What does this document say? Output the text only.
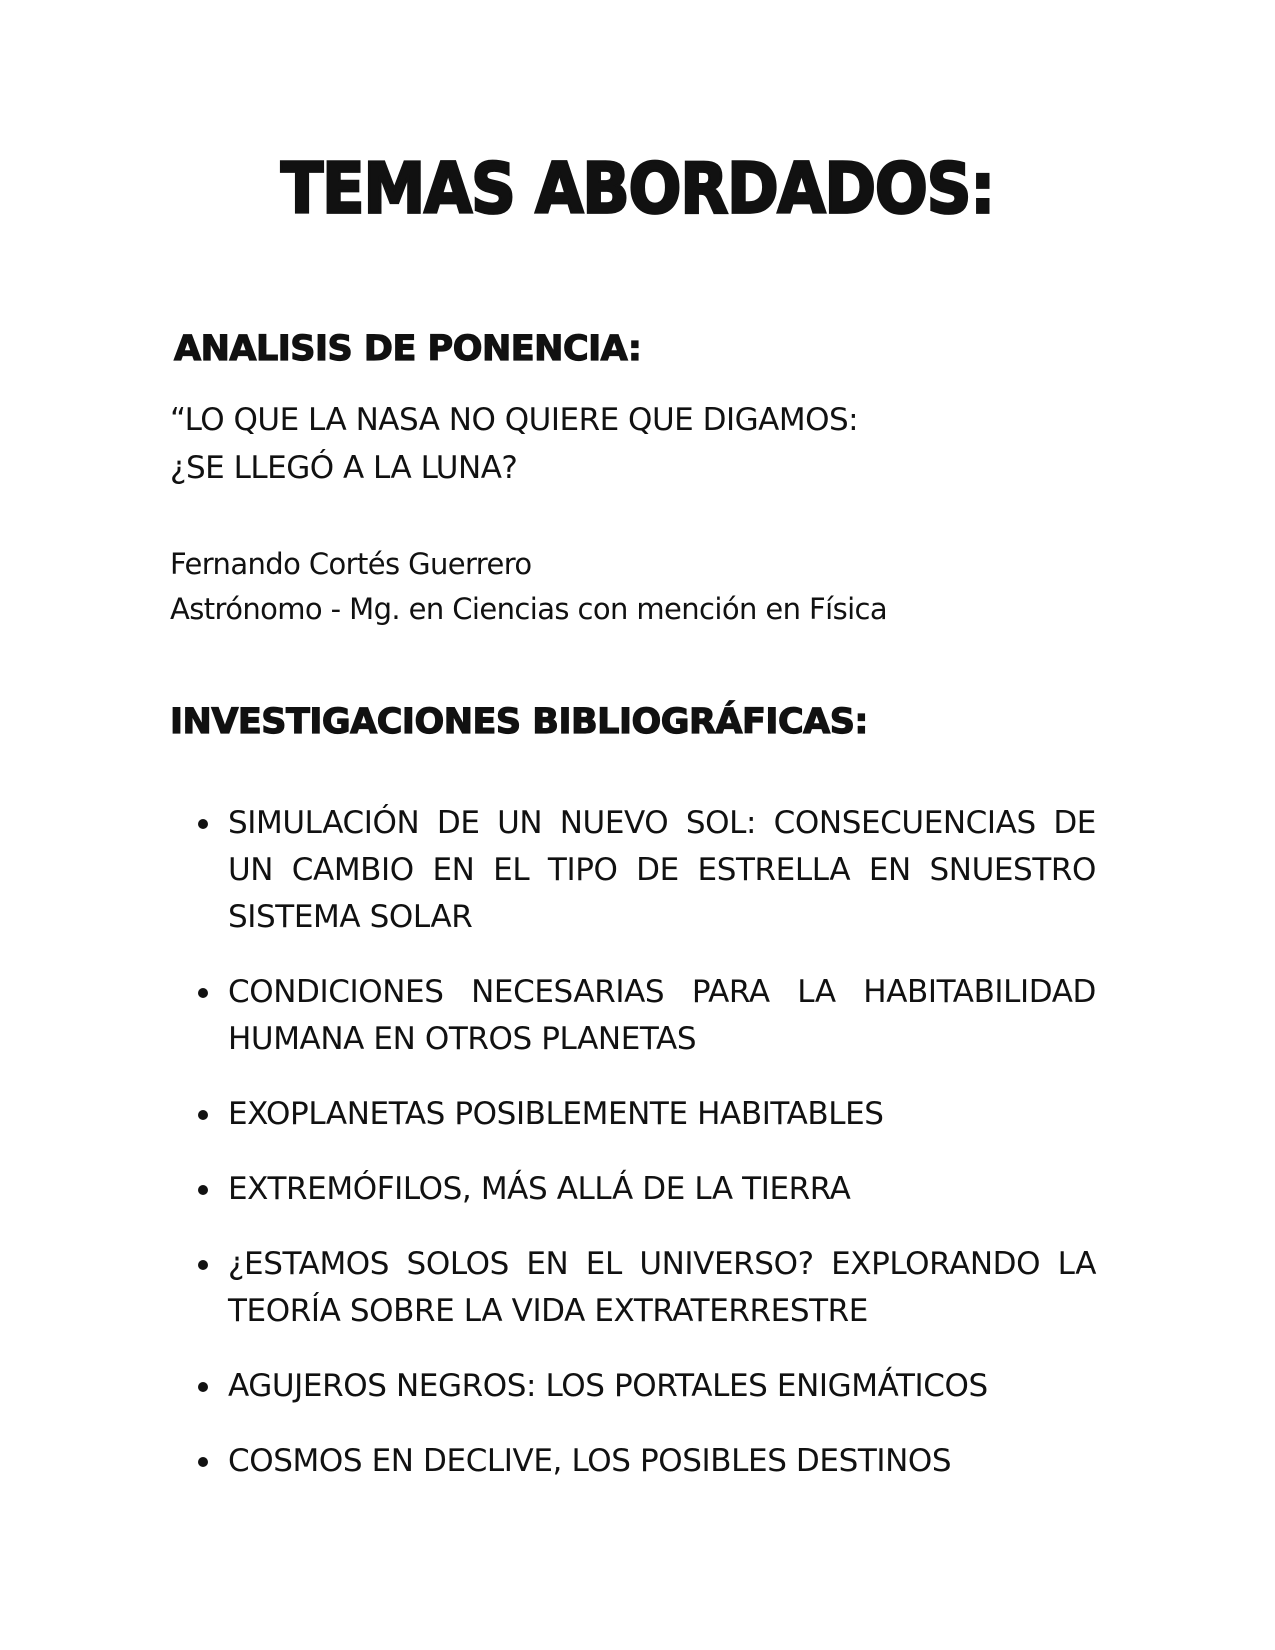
TEMAS ABORDADOS:
ANALISIS DE PONENCIA:
“LO QUE LA NASA NO QUIERE QUE DIGAMOS:
¿SE LLEGÓ A LA LUNA?
Fernando Cortés Guerrero
Astrónomo - Mg. en Ciencias con mención en Física
INVESTIGACIONES BIBLIOGRÁFICAS:
SIMULACIÓN DE UN NUEVO SOL: CONSECUENCIAS DE UN CAMBIO EN EL TIPO DE ESTRELLA EN SNUESTRO SISTEMA SOLAR
CONDICIONES NECESARIAS PARA LA HABITABILIDAD HUMANA EN OTROS PLANETAS
EXOPLANETAS POSIBLEMENTE HABITABLES
EXTREMÓFILOS, MÁS ALLÁ DE LA TIERRA
¿ESTAMOS SOLOS EN EL UNIVERSO? EXPLORANDO LA TEORÍA SOBRE LA VIDA EXTRATERRESTRE
AGUJEROS NEGROS: LOS PORTALES ENIGMÁTICOS
COSMOS EN DECLIVE, LOS POSIBLES DESTINOS
